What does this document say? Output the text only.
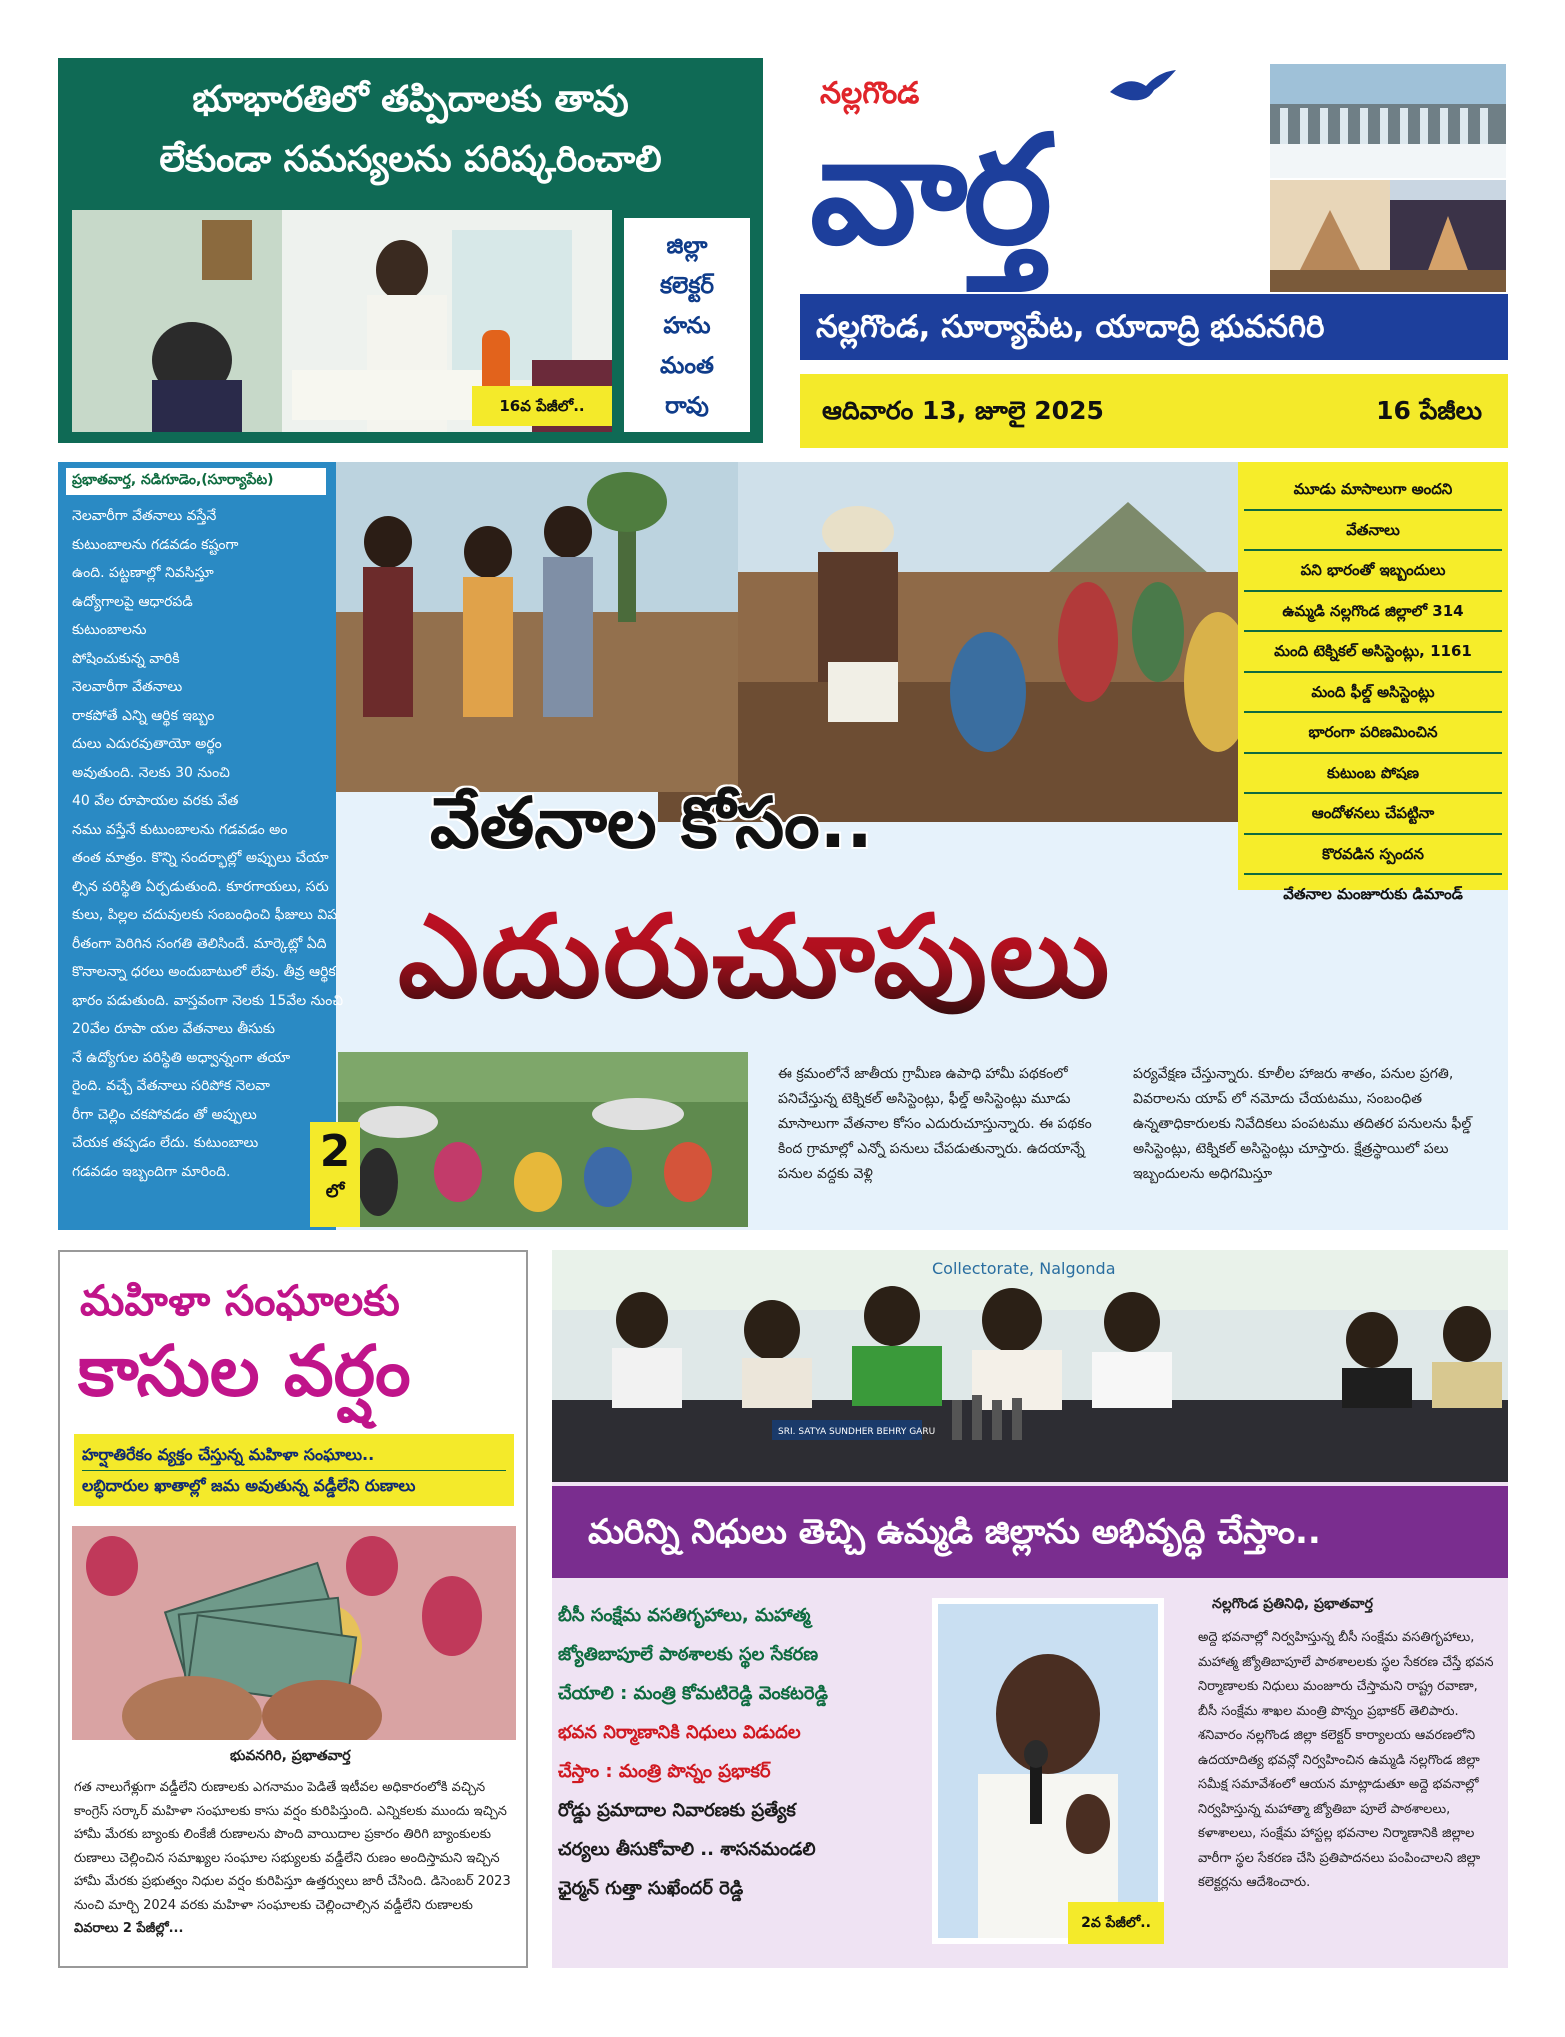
భూభారతిలో తప్పిదాలకు తావు
లేకుండా సమస్యలను పరిష్కరించాలి
జిల్లా
కలెక్టర్
హను
మంత
రావు
16వ పేజీలో..
నల్లగొండ
వార్త
నల్లగొండ, సూర్యాపేట, యాదాద్రి భువనగిరి
ఆదివారం 13, జూలై 2025	16 పేజీలు
ప్రభాతవార్త, నడిగూడెం,(సూర్యాపేట)
నెలవారీగా వేతనాలు వస్తేనే
కుటుంబాలను గడవడం కష్టంగా
ఉంది. పట్టణాల్లో నివసిస్తూ
ఉద్యోగాలపై ఆధారపడి
కుటుంబాలను
పోషించుకున్న వారికి
నెలవారీగా వేతనాలు
రాకపోతే ఎన్ని ఆర్థిక ఇబ్బం
దులు ఎదురవుతాయో అర్థం
అవుతుంది. నెలకు 30 నుంచి
40 వేల రూపాయల వరకు వేత
నము వస్తేనే కుటుంబాలను గడవడం అం
తంత మాత్రం. కొన్ని సందర్భాల్లో అప్పులు చేయా
ల్సిన పరిస్థితి ఏర్పడుతుంది. కూరగాయలు, సరు
కులు, పిల్లల చదువులకు సంబంధించి ఫీజులు విప
రీతంగా పెరిగిన సంగతి తెలిసిందే. మార్కెట్లో ఏది
కొనాలన్నా ధరలు అందుబాటులో లేవు. తీవ్ర ఆర్థిక
భారం పడుతుంది. వాస్తవంగా నెలకు 15వేల నుంచి
20వేల రూపా యల వేతనాలు తీసుకు
నే ఉద్యోగుల పరిస్థితి అధ్వాన్నంగా తయా
రైంది. వచ్చే వేతనాలు సరిపోక నెలవా
రీగా చెల్లిం చకపోవడం తో అప్పులు
చేయక తప్పడం లేదు. కుటుంబాలు
గడవడం ఇబ్బందిగా మారింది.	2
లో
వేతనాల కోసం..
ఎదురుచూపులు
మూడు మాసాలుగా అందని
వేతనాలు
పని భారంతో ఇబ్బందులు
ఉమ్మడి నల్లగొండ జిల్లాలో 314
మంది టెక్నికల్ అసిస్టెంట్లు, 1161
మంది ఫీల్డ్ అసిస్టెంట్లు
భారంగా పరిణమించిన
కుటుంబ పోషణ
ఆందోళనలు చేపట్టినా
కొరవడిన స్పందన
వేతనాల మంజూరుకు డిమాండ్
ఈ క్రమంలోనే జాతీయ గ్రామీణ ఉపాధి హామీ పథకంలో పనిచేస్తున్న టెక్నికల్ అసిస్టెంట్లు, ఫీల్డ్ అసిస్టెంట్లు మూడు మాసాలుగా వేతనాల కోసం ఎదురుచూస్తున్నారు. ఈ పథకం కింద గ్రామాల్లో ఎన్నో పనులు చేపడుతున్నారు. ఉదయాన్నే పనుల వద్దకు వెళ్లి
పర్యవేక్షణ చేస్తున్నారు. కూలీల హాజరు శాతం, పనుల ప్రగతి, వివరాలను యాప్ లో నమోదు చేయటము, సంబంధిత ఉన్నతాధికారులకు నివేదికలు పంపటము తదితర పనులను ఫీల్డ్ అసిస్టెంట్లు, టెక్నికల్ అసిస్టెంట్లు చూస్తారు. క్షేత్రస్థాయిలో పలు ఇబ్బందులను అధిగమిస్తూ
మహిళా సంఘాలకు
కాసుల వర్షం
హర్షాతిరేకం వ్యక్తం చేస్తున్న మహిళా సంఘాలు..
లబ్ధిదారుల ఖాతాల్లో జమ అవుతున్న వడ్డీలేని రుణాలు
భువనగిరి, ప్రభాతవార్త
గత నాలుగేళ్లుగా వడ్డీలేని రుణాలకు ఎగనామం పెడితే ఇటీవల అధికారంలోకి వచ్చిన కాంగ్రెస్ సర్కార్ మహిళా సంఘాలకు కాసు వర్షం కురిపిస్తుంది. ఎన్నికలకు ముందు ఇచ్చిన హామీ మేరకు బ్యాంకు లింకేజీ రుణాలను పొంది వాయిదాల ప్రకారం తిరిగి బ్యాంకులకు రుణాలు చెల్లించిన సమాఖ్యల సంఘాల సభ్యులకు వడ్డీలేని రుణం అందిస్తామని ఇచ్చిన హామీ మేరకు ప్రభుత్వం నిధుల వర్షం కురిపిస్తూ ఉత్తర్వులు జారీ చేసింది. డిసెంబర్ 2023 నుంచి మార్చి 2024 వరకు మహిళా సంఘాలకు చెల్లించాల్సిన వడ్డీలేని రుణాలకు వివరాలు 2 పేజీల్లో...
Collectorate, Nalgonda
SRI. SATYA SUNDHER BEHRY GARU
మరిన్ని నిధులు తెచ్చి ఉమ్మడి జిల్లాను అభివృద్ధి చేస్తాం..
బీసీ సంక్షేమ వసతిగృహాలు, మహాత్మ
జ్యోతిబాపూలే పాఠశాలకు స్థల సేకరణ
చేయాలి : మంత్రి కోమటిరెడ్డి వెంకటరెడ్డి
భవన నిర్మాణానికి నిధులు విడుదల
చేస్తాం : మంత్రి పొన్నం ప్రభాకర్
రోడ్డు ప్రమాదాల నివారణకు ప్రత్యేక
చర్యలు తీసుకోవాలి .. శాసనమండలి
ఛైర్మన్ గుత్తా సుఖేందర్ రెడ్డి
2వ పేజీలో..
నల్లగొండ ప్రతినిధి, ప్రభాతవార్త
అద్దె భవనాల్లో నిర్వహిస్తున్న బీసీ సంక్షేమ వసతిగృహాలు, మహాత్మ జ్యోతిబాపూలే పాఠశాలలకు స్థల సేకరణ చేస్తే భవన నిర్మాణాలకు నిధులు మంజూరు చేస్తామని రాష్ట్ర రవాణా, బీసీ సంక్షేమ శాఖల మంత్రి పొన్నం ప్రభాకర్ తెలిపారు. శనివారం నల్లగొండ జిల్లా కలెక్టర్ కార్యాలయ ఆవరణలోని ఉదయాదిత్య భవన్లో నిర్వహించిన ఉమ్మడి నల్లగొండ జిల్లా సమీక్ష సమావేశంలో ఆయన మాట్లాడుతూ అద్దె భవనాల్లో నిర్వహిస్తున్న మహాత్మా జ్యోతిబా పూలే పాఠశాలలు, కళాశాలలు, సంక్షేమ హాస్టల్ల భవనాల నిర్మాణానికి జిల్లాల వారీగా స్థల సేకరణ చేసి ప్రతిపాదనలు పంపించాలని జిల్లా కలెక్టర్లను ఆదేశించారు.
